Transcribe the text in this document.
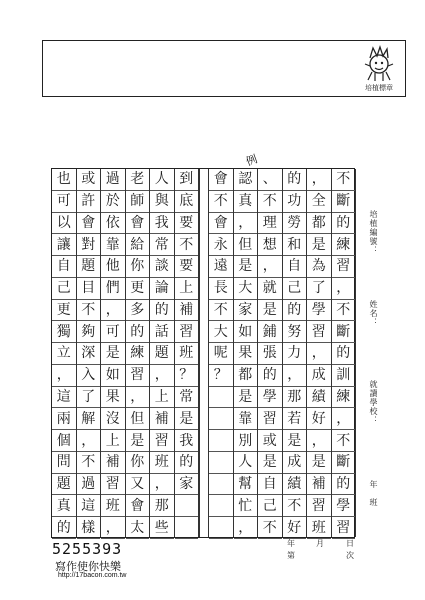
培植標章
例
不
斷
的
練
習
，
不
斷
的
訓
練
，
不
斷
的
學
習
，
全
都
是
為
了
學
習
，
成
績
好
，
是
補
習
班
的
功
勞
和
自
己
的
努
力
，
那
若
是
成
績
不
好
、
不
理
想
，
就
是
鋪
張
的
學
習
或
是
自
己
不
認
真
，
但
是
大
家
如
果
都
是
靠
別
人
幫
忙
，
會
不
會
永
遠
長
不
大
呢
？
到
底
要
不
要
上
補
習
班
？
常
是
我
的
家
人
與
我
常
談
論
的
話
題
，
上
補
習
班
，
那
些
老
師
會
給
你
更
多
的
練
習
，
但
是
你
又
會
太
過
於
依
靠
他
們
，
可
是
如
果
沒
上
補
習
班
，
或
許
會
對
題
目
不
夠
深
入
了
解
，
不
過
這
樣
也
可
以
讓
自
己
更
獨
立
，
這
兩
個
問
題
真
的
培植編號：
姓名：
就讀學校：
年　班
年
第
月	日
次
5255393
寫作使你快樂
http://17bacon.com.tw
